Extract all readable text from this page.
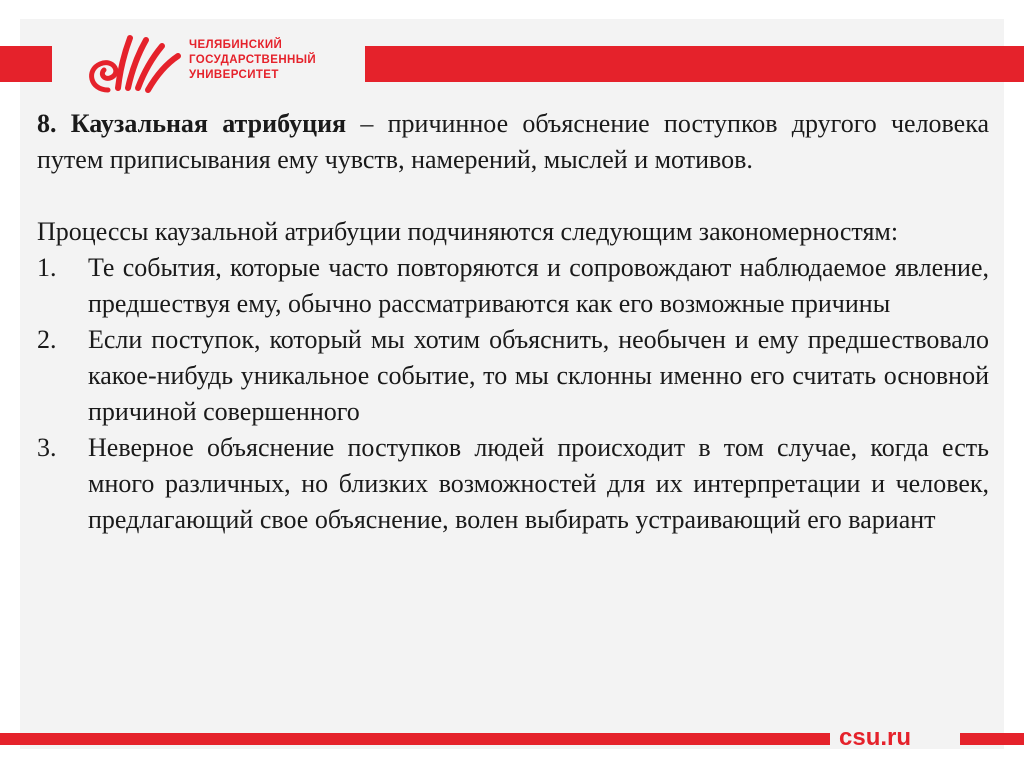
ЧЕЛЯБИНСКИЙ
ГОСУДАРСТВЕННЫЙ
УНИВЕРСИТЕТ

8. Каузальная атрибуция – причинное объяснение поступков другого человека путем приписывания ему чувств, намерений, мыслей и мотивов.

Процессы каузальной атрибуции подчиняются следующим закономерностям:

1. Те события, которые часто повторяются и сопровождают наблюдаемое явление, предшествуя ему, обычно рассматриваются как его возможные причины
2. Если поступок, который мы хотим объяснить, необычен и ему предшествовало какое-нибудь уникальное событие, то мы склонны именно его считать основной причиной совершенного
3. Неверное объяснение поступков людей происходит в том случае, когда есть много различных, но близких возможностей для их интерпретации и человек, предлагающий свое объяснение, волен выбирать устраивающий его вариант
csu.ru
